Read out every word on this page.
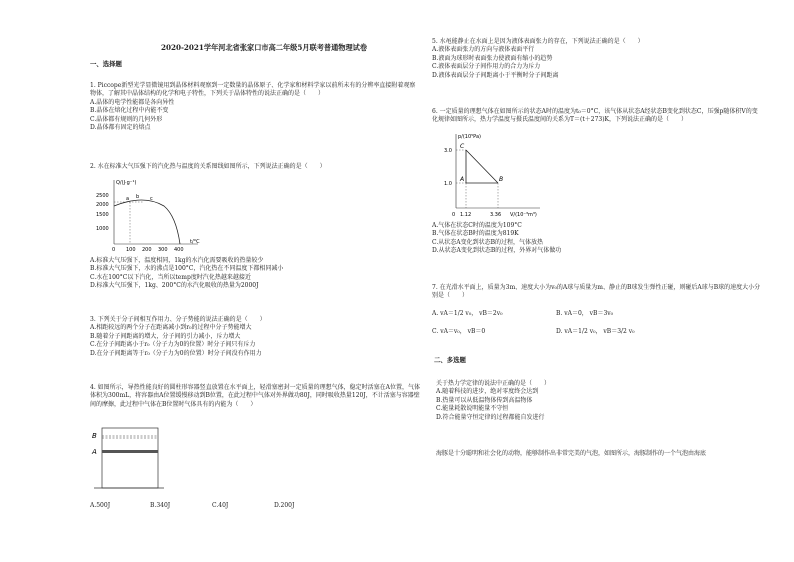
2020-2021学年河北省张家口市高二年级5月联考普通物理试卷
一、选择题
1. Piccope新型光学显微镜用到晶体材料观察到一定数量的晶体原子、化学家和材料学家以前所未有的分辨率直接附着观察物体，了解其中晶体结构的化学和电子特性，下列关于晶体特性的说法正确的是（　　）
A.晶体的电学性能都是各向异性
B.晶体在熔化过程中内能不变
C.晶体都有规则的几何外形
D.晶体都有固定的熔点
2. 水在标准大气压强下的汽化热与温度的关系图线如图所示，下列说法正确的是（　　）
Q/(J·g⁻¹)
t/°C
2500
2000
1500
1000
0 100 200 300 400
a b c
A.标准大气压强下，温度相同，1kg的水汽化需要吸收的热量较少
B.标准大气压强下，水的沸点是100°C，汽化热在不同温度下都相同减小
C.水在100°C以下汽化，当所以temp度时汽化热越来越接近
D.标准大气压强下，1kg、200°C的水汽化吸收的热量为2000J
3. 下列关于分子间相互作用力、分子势能的说法正确的是（　　）
A.相距较远的两个分子在距离减小到r₀的过程中分子势能增大
B.随着分子间距离的增大，分子间的引力减小，斥力增大
C.在分子间距离小于r₀（分子力为0的位置）时分子间只有斥力
D.在分子间距离等于r₀（分子力为0的位置）时分子间没有作用力
4. 如图所示，导热性能良好的圆柱形容器竖直放置在水平面上，轻滑塞密封一定质量的理想气体，稳定时活塞在A位置，气体体积为300mL，将容器由A位置缓慢移动到B位置，在此过程中气体对外界做功80J，同时吸收热量120J，不计活塞与容器壁间的摩擦，此过程中气体在B位置时气体具有的内能为（　　）
B
A
A.500J	B.340J	C.40J	D.200J
5. 水黾能静止在水面上是因为液体表面张力的存在，下列说法正确的是（　　）
A.液体表面张力的方向与液体表面平行
B.液面为球形时表面张力使液面有缩小的趋势
C.液体表面层分子间作用力的合力为斥力
D.液体表面层分子间距离小于平衡时分子间距离
6. 一定质量的理想气体在如图所示的状态A时的温度为t₀＝0°C，该气体从状态A经状态B变化到状态C，压强p随体积V的变化规律如图所示，热力学温度与摄氏温度间的关系为T＝(t＋273)K，下列说法正确的是（　　）
p/(10⁵Pa)
V/(10⁻³m³)
3.0
1.0
0 1.12	3.36
A	B
C
A.气体在状态C时的温度为109°C
B.气体在状态B时的温度为819K
C.从状态A变化到状态B的过程，气体放热
D.从状态A变化到状态B的过程，外界对气体做功
7. 在光滑水平面上，质量为3m、速度大小为v₀的A球与质量为m、静止的B球发生弹性正碰，则碰后A球与B球的速度大小分别是（　　）
A. vA＝1/2 v₀， vB＝2v₀	B. vA＝0， vB＝3v₀
C. vA＝v₀， vB＝0	D. vA＝1/2 v₀， vB＝3/2 v₀
二、多选题
关于热力学定律的说法中正确的是（　　）
A.随着科技的进步，绝对零度终会达到
B.热量可以从低温物体传到高温物体
C.能量耗散说明能量不守恒
D.符合能量守恒定律的过程都能自发进行
海豚是十分聪明和社会化的动物，能够制作出非常完美的气泡，如图所示，海豚制作的一个气泡由海底
